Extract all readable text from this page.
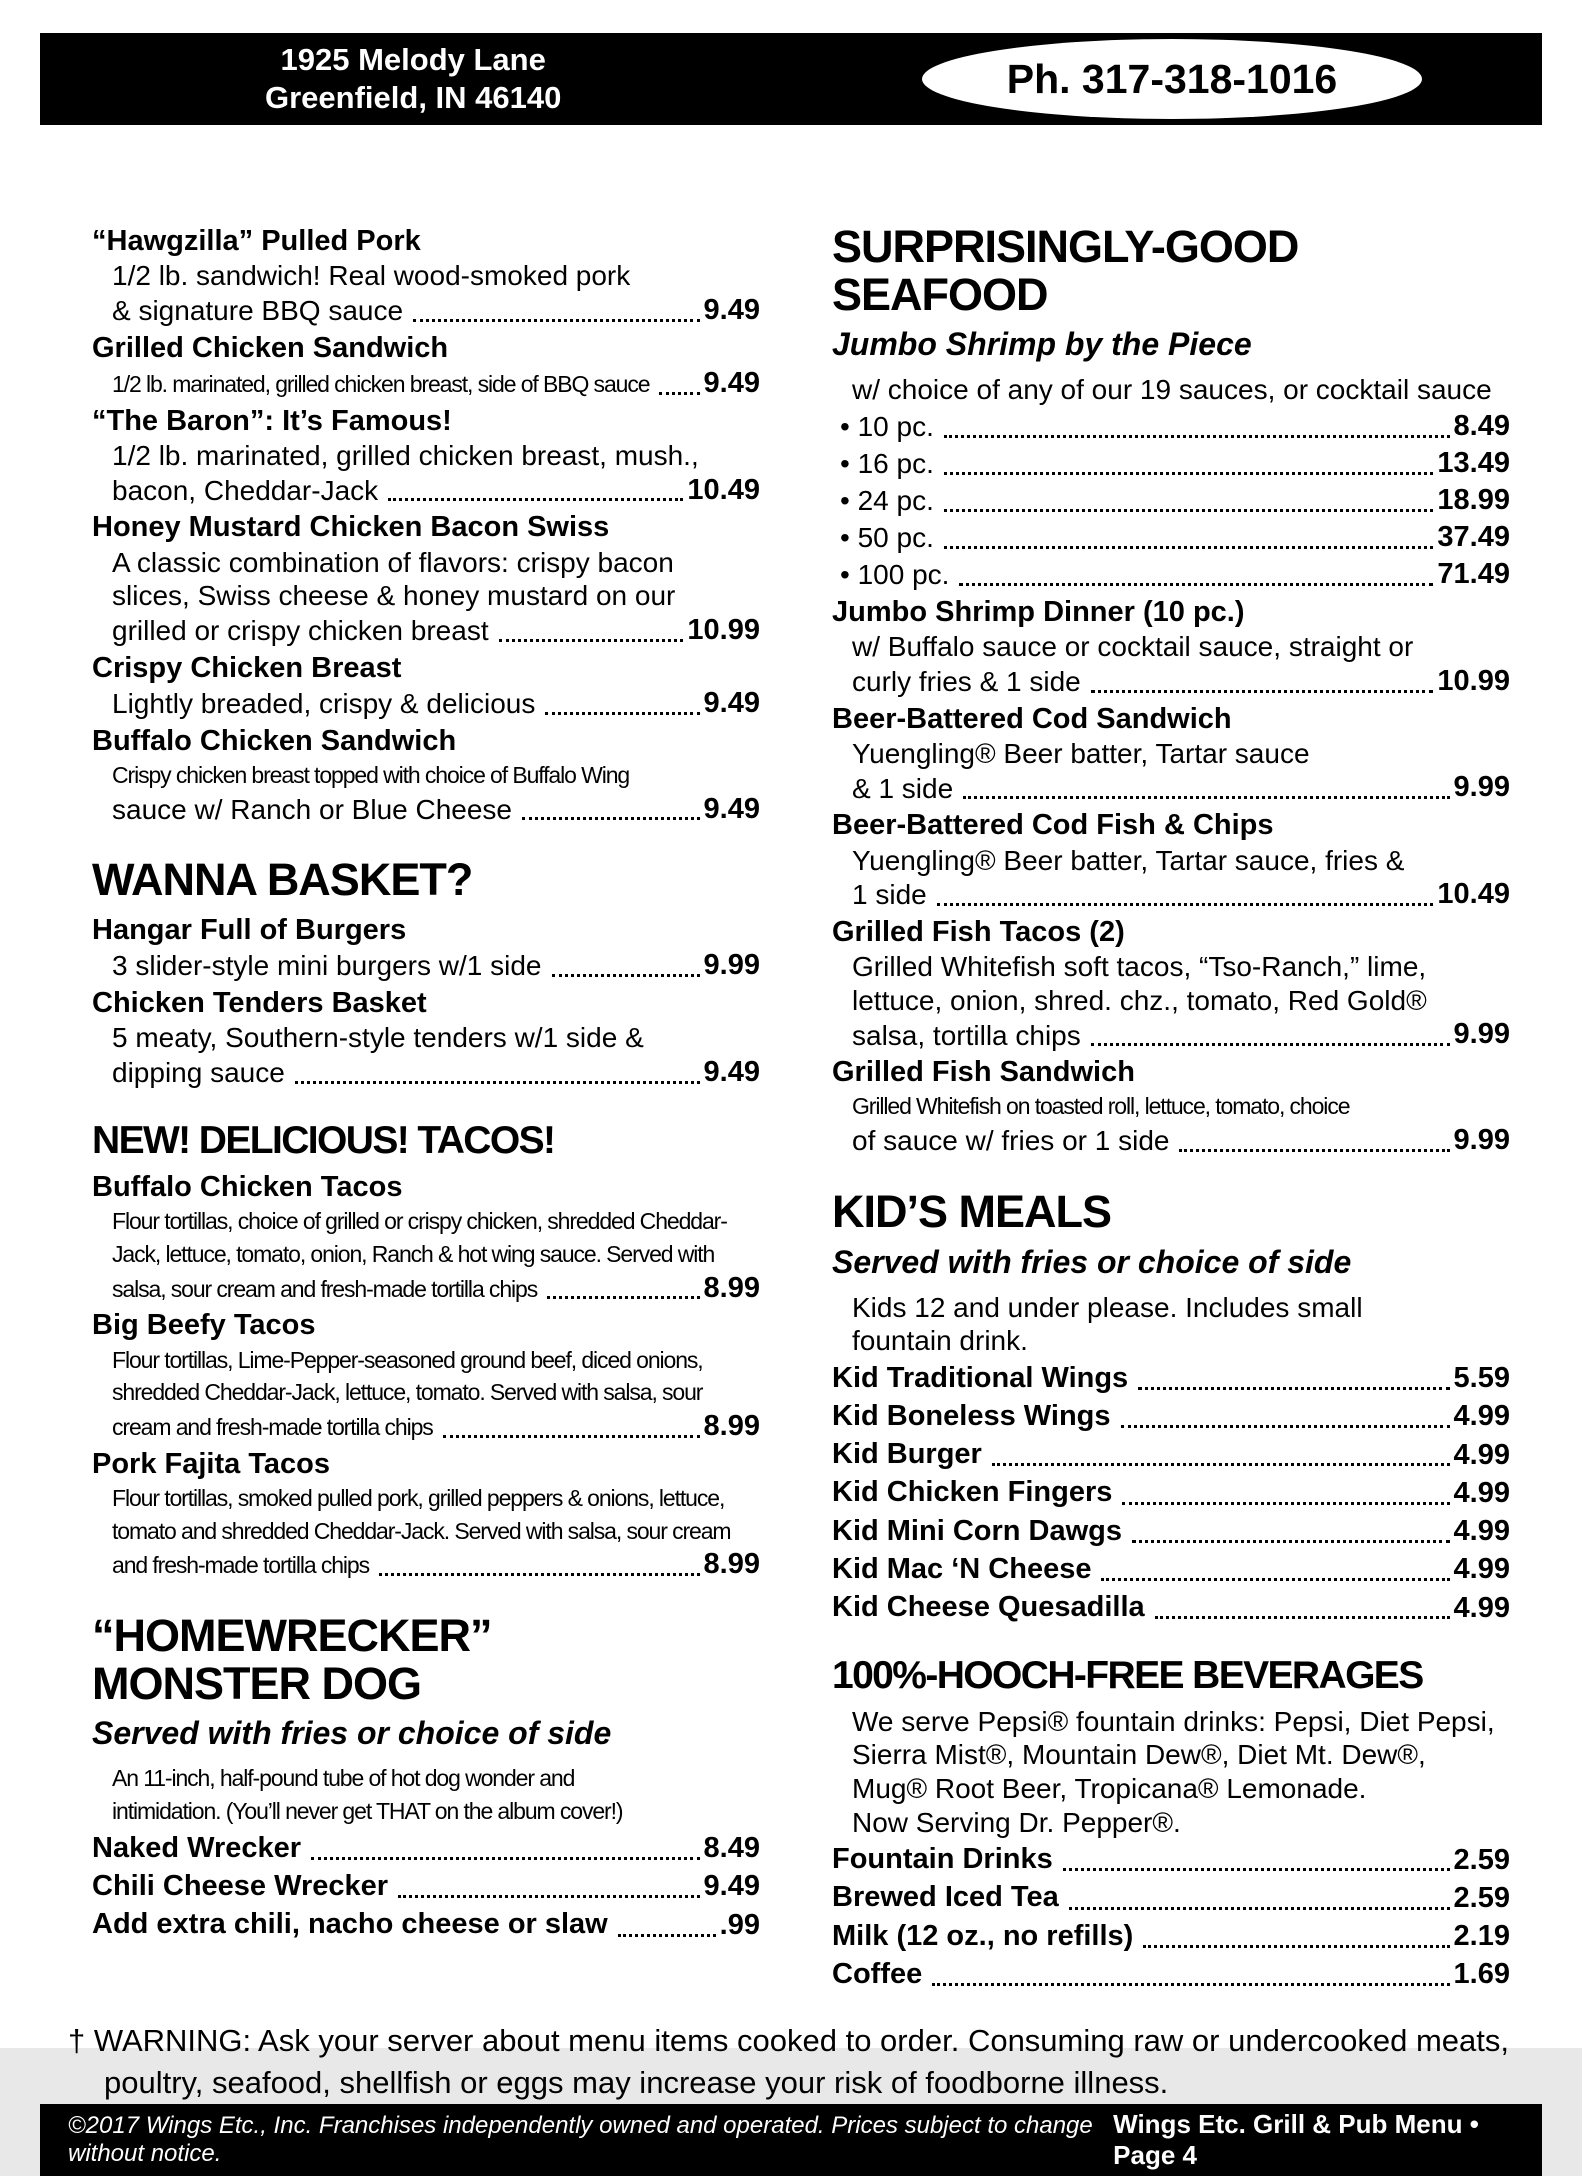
1925 Melody Lane
Greenfield, IN 46140	Ph. 317-318-1016
“Hawgzilla” Pulled Pork
1/2 lb. sandwich! Real wood-smoked pork
& signature BBQ sauce	9.49
Grilled Chicken Sandwich
1/2 lb. marinated, grilled chicken breast, side of BBQ sauce 9.49
“The Baron”: It’s Famous!
1/2 lb. marinated, grilled chicken breast, mush.,
bacon, Cheddar-Jack	10.49
Honey Mustard Chicken Bacon Swiss
A classic combination of flavors: crispy bacon
slices, Swiss cheese & honey mustard on our
grilled or crispy chicken breast	10.99
Crispy Chicken Breast
Lightly breaded, crispy & delicious	9.49
Buffalo Chicken Sandwich
Crispy chicken breast topped with choice of Buffalo Wing
sauce w/ Ranch or Blue Cheese	9.49
WANNA BASKET?
Hangar Full of Burgers
3 slider-style mini burgers w/1 side	9.99
Chicken Tenders Basket
5 meaty, Southern-style tenders w/1 side &
dipping sauce	9.49
NEW! DELICIOUS! TACOS!
Buffalo Chicken Tacos
Flour tortillas, choice of grilled or crispy chicken, shredded Cheddar-
Jack, lettuce, tomato, onion, Ranch & hot wing sauce. Served with
salsa, sour cream and fresh-made tortilla chips	8.99
Big Beefy Tacos
Flour tortillas, Lime-Pepper-seasoned ground beef, diced onions,
shredded Cheddar-Jack, lettuce, tomato. Served with salsa, sour
cream and fresh-made tortilla chips	8.99
Pork Fajita Tacos
Flour tortillas, smoked pulled pork, grilled peppers & onions, lettuce,
tomato and shredded Cheddar-Jack. Served with salsa, sour cream
and fresh-made tortilla chips	8.99
“HOMEWRECKER”
MONSTER DOG
Served with fries or choice of side
An 11-inch, half-pound tube of hot dog wonder and
intimidation. (You’ll never get THAT on the album cover!)
Naked Wrecker	8.49
Chili Cheese Wrecker	9.49
Add extra chili, nacho cheese or slaw	.99
SURPRISINGLY-GOOD
SEAFOOD
Jumbo Shrimp by the Piece
w/ choice of any of our 19 sauces, or cocktail sauce
• 10 pc.	8.49
• 16 pc.	13.49
• 24 pc.	18.99
• 50 pc.	37.49
• 100 pc.	71.49
Jumbo Shrimp Dinner (10 pc.)
w/ Buffalo sauce or cocktail sauce, straight or
curly fries & 1 side	10.99
Beer-Battered Cod Sandwich
Yuengling® Beer batter, Tartar sauce
& 1 side	9.99
Beer-Battered Cod Fish & Chips
Yuengling® Beer batter, Tartar sauce, fries &
1 side	10.49
Grilled Fish Tacos (2)
Grilled Whitefish soft tacos, “Tso-Ranch,” lime,
lettuce, onion, shred. chz., tomato, Red Gold®
salsa, tortilla chips	9.99
Grilled Fish Sandwich
Grilled Whitefish on toasted roll, lettuce, tomato, choice
of sauce w/ fries or 1 side	9.99
KID’S MEALS
Served with fries or choice of side
Kids 12 and under please. Includes small
fountain drink.
Kid Traditional Wings	5.59
Kid Boneless Wings	4.99
Kid Burger	4.99
Kid Chicken Fingers	4.99
Kid Mini Corn Dawgs	4.99
Kid Mac ‘N Cheese	4.99
Kid Cheese Quesadilla	4.99
100%-HOOCH-FREE BEVERAGES
We serve Pepsi® fountain drinks: Pepsi, Diet Pepsi,
Sierra Mist®, Mountain Dew®, Diet Mt. Dew®,
Mug® Root Beer, Tropicana® Lemonade.
Now Serving Dr. Pepper®.
Fountain Drinks	2.59
Brewed Iced Tea	2.59
Milk (12 oz., no refills)	2.19
Coffee	1.69
† WARNING: Ask your server about menu items cooked to order. Consuming raw or undercooked meats,
poultry, seafood, shellfish or eggs may increase your risk of foodborne illness.
©2017 Wings Etc., Inc. Franchises independently owned and operated. Prices subject to change without notice.
Wings Etc. Grill & Pub Menu • Page 4
